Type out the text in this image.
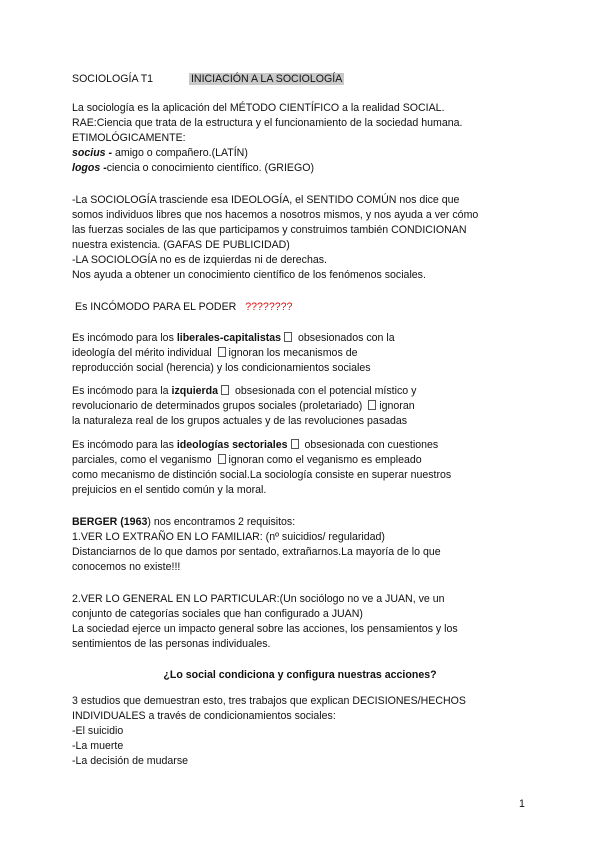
SOCIOLOGÍA T1	INICIACIÓN A LA SOCIOLOGÍA
La sociología es la aplicación del MÉTODO CIENTÍFICO a la realidad SOCIAL.
RAE:Ciencia que trata de la estructura y el funcionamiento de la sociedad humana.
ETIMOLÓGICAMENTE:
socius - amigo o compañero.(LATÍN)
logos -ciencia o conocimiento científico. (GRIEGO)
-La SOCIOLOGÍA trasciende esa IDEOLOGÍA, el SENTIDO COMÚN nos dice que
somos individuos libres que nos hacemos a nosotros mismos, y nos ayuda a ver cómo
las fuerzas sociales de las que participamos y construimos también CONDICIONAN
nuestra existencia. (GAFAS DE PUBLICIDAD)
-LA SOCIOLOGÍA no es de izquierdas ni de derechas.
Nos ayuda a obtener un conocimiento científico de los fenómenos sociales.
Es INCÓMODO PARA EL PODER ????????
Es incómodo para los liberales-capitalistas obsesionados con la
ideología del mérito individual ignoran los mecanismos de
reproducción social (herencia) y los condicionamientos sociales
Es incómodo para la izquierda obsesionada con el potencial místico y
revolucionario de determinados grupos sociales (proletariado) ignoran
la naturaleza real de los grupos actuales y de las revoluciones pasadas
Es incómodo para las ideologías sectoriales obsesionada con cuestiones
parciales, como el veganismo ignoran como el veganismo es empleado
como mecanismo de distinción social.La sociología consiste en superar nuestros
prejuicios en el sentido común y la moral.
BERGER (1963) nos encontramos 2 requisitos:
1.VER LO EXTRAÑO EN LO FAMILIAR: (nº suicidios/ regularidad)
Distanciarnos de lo que damos por sentado, extrañarnos.La mayoría de lo que
conocemos no existe!!!
2.VER LO GENERAL EN LO PARTICULAR:(Un sociólogo no ve a JUAN, ve un
conjunto de categorías sociales que han configurado a JUAN)
La sociedad ejerce un impacto general sobre las acciones, los pensamientos y los
sentimientos de las personas individuales.
¿Lo social condiciona y configura nuestras acciones?
3 estudios que demuestran esto, tres trabajos que explican DECISIONES/HECHOS
INDIVIDUALES a través de condicionamientos sociales:
-El suicidio
-La muerte
-La decisión de mudarse
1
